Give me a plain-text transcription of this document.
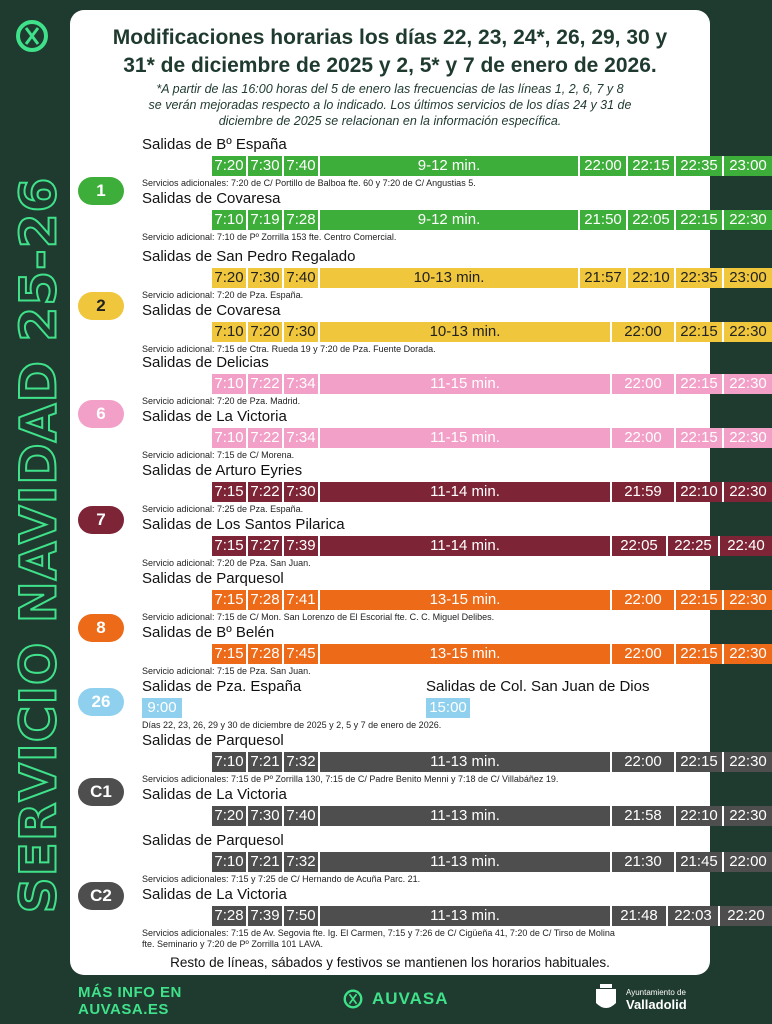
SERVICIO NAVIDAD 25-26
Modificaciones horarias los días 22, 23, 24*, 26, 29, 30 y
31* de diciembre de 2025 y 2, 5* y 7 de enero de 2026.
*A partir de las 16:00 horas del 5 de enero las frecuencias de las líneas 1, 2, 6, 7 y 8
se verán mejoradas respecto a lo indicado. Los últimos servicios de los días 24 y 31 de
diciembre de 2025 se relacionan en la información específica.
1
Salidas de Bº España
7:20 7:30 7:40	9-12 min.	22:00 22:15 22:35 23:00
Servicios adicionales: 7:20 de C/ Portillo de Balboa fte. 60 y 7:20 de C/ Angustias 5.
Salidas de Covaresa
7:10 7:19 7:28	9-12 min.	21:50 22:05 22:15 22:30
Servicio adicional: 7:10 de Pº Zorrilla 153 fte. Centro Comercial.
2
Salidas de San Pedro Regalado
7:20 7:30 7:40	10-13 min.	21:57 22:10 22:35 23:00
Servicio adicional: 7:20 de Pza. España.
Salidas de Covaresa
7:10 7:20 7:30	10-13 min.	22:00	22:15 22:30
Servicio adicional: 7:15 de Ctra. Rueda 19 y 7:20 de Pza. Fuente Dorada.
6
Salidas de Delicias
7:10 7:22 7:34	11-15 min.	22:00	22:15 22:30
Servicio adicional: 7:20 de Pza. Madrid.
Salidas de La Victoria
7:10 7:22 7:34	11-15 min.	22:00	22:15 22:30
Servicio adicional: 7:15 de C/ Morena.
7
Salidas de Arturo Eyries
7:15 7:22 7:30	11-14 min.	21:59	22:10 22:30
Servicio adicional: 7:25 de Pza. España.
Salidas de Los Santos Pilarica
7:15 7:27 7:39	11-14 min.	22:05	22:25	22:40
Servicio adicional: 7:20 de Pza. San Juan.
8
Salidas de Parquesol
7:15 7:28 7:41	13-15 min.	22:00	22:15 22:30
Servicio adicional: 7:15 de C/ Mon. San Lorenzo de El Escorial fte. C. C. Miguel Delibes.
Salidas de Bº Belén
7:15 7:28 7:45	13-15 min.	22:00	22:15 22:30
Servicio adicional: 7:15 de Pza. San Juan.
26
Salidas de Pza. España	Salidas de Col. San Juan de Dios
9:00	15:00
Días 22, 23, 26, 29 y 30 de diciembre de 2025 y 2, 5 y 7 de enero de 2026.
C1
Salidas de Parquesol
7:10 7:21 7:32	11-13 min.	22:00	22:15 22:30
Servicios adicionales: 7:15 de Pº Zorrilla 130, 7:15 de C/ Padre Benito Menni y 7:18 de C/ Villabáñez 19.
Salidas de La Victoria
7:20 7:30 7:40	11-13 min.	21:58	22:10 22:30
C2
Salidas de Parquesol
7:10 7:21 7:32	11-13 min.	21:30	21:45 22:00
Servicios adicionales: 7:15 y 7:25 de C/ Hernando de Acuña Parc. 21.
Salidas de La Victoria
7:28 7:39 7:50	11-13 min.	21:48	22:03	22:20
Servicios adicionales: 7:15 de Av. Segovia fte. Ig. El Carmen, 7:15 y 7:26 de C/ Cigüeña 41, 7:20 de C/ Tirso de Molina
fte. Seminario y 7:20 de Pº Zorrilla 101 LAVA.
Resto de líneas, sábados y festivos se mantienen los horarios habituales.
MÁS INFO EN
AUVASA.ES
AUVASA	Ayuntamiento de
Valladolid
